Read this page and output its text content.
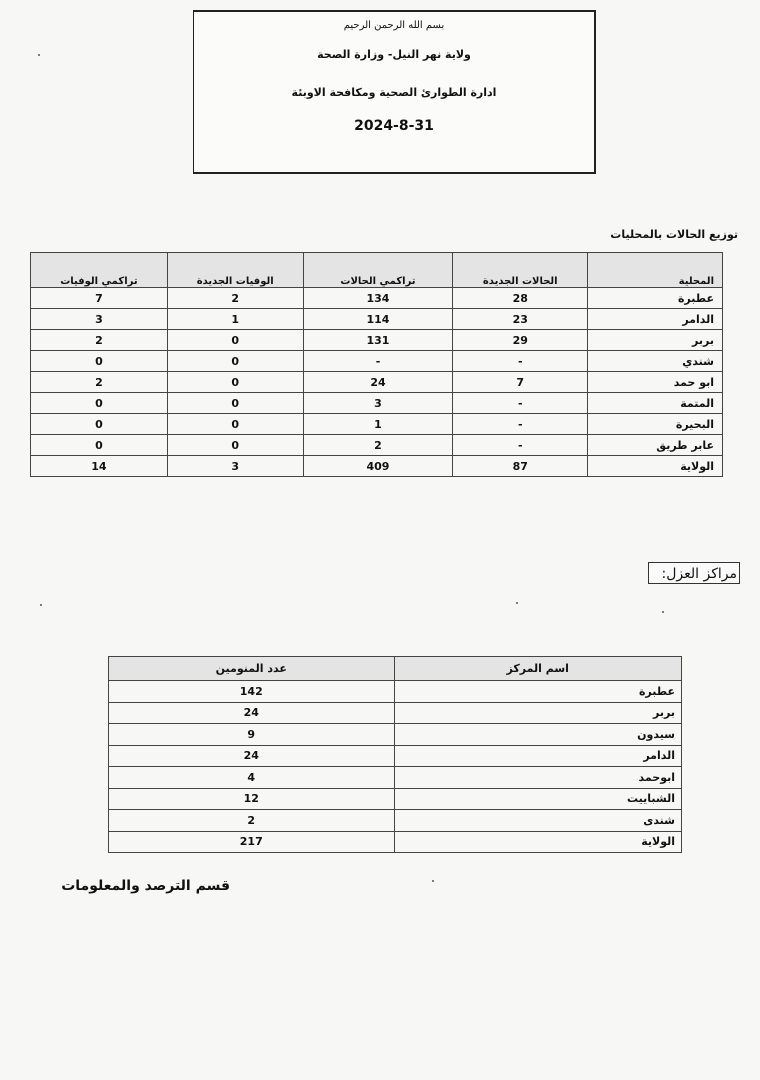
بسم الله الرحمن الرحيم
ولاية نهر النيل- وزارة الصحة
ادارة الطوارئ الصحية ومكافحة الاوبئة
2024-8-31
توزيع الحالات بالمحليات
تراكمي الوفيات	الوفيات الجديدة	تراكمي الحالات	الحالات الجديدة	المحلية
7	2	134	28	عطبرة
3	1	114	23	الدامر
2	0	131	29	بربر
0	0	-	-	شندي
2	0	24	7	ابو حمد
0	0	3	-	المتمة
0	0	1	-	البحيرة
0	0	2	-	عابر طريق
14	3	409	87	الولاية
مراكز العزل:
عدد المنومين	اسم المركز
142	عطبرة
24	بربر
9	سيدون
24	الدامر
4	ابوحمد
12	الشباييت
2	شندى
217	الولاية
قسم الترصد والمعلومات
